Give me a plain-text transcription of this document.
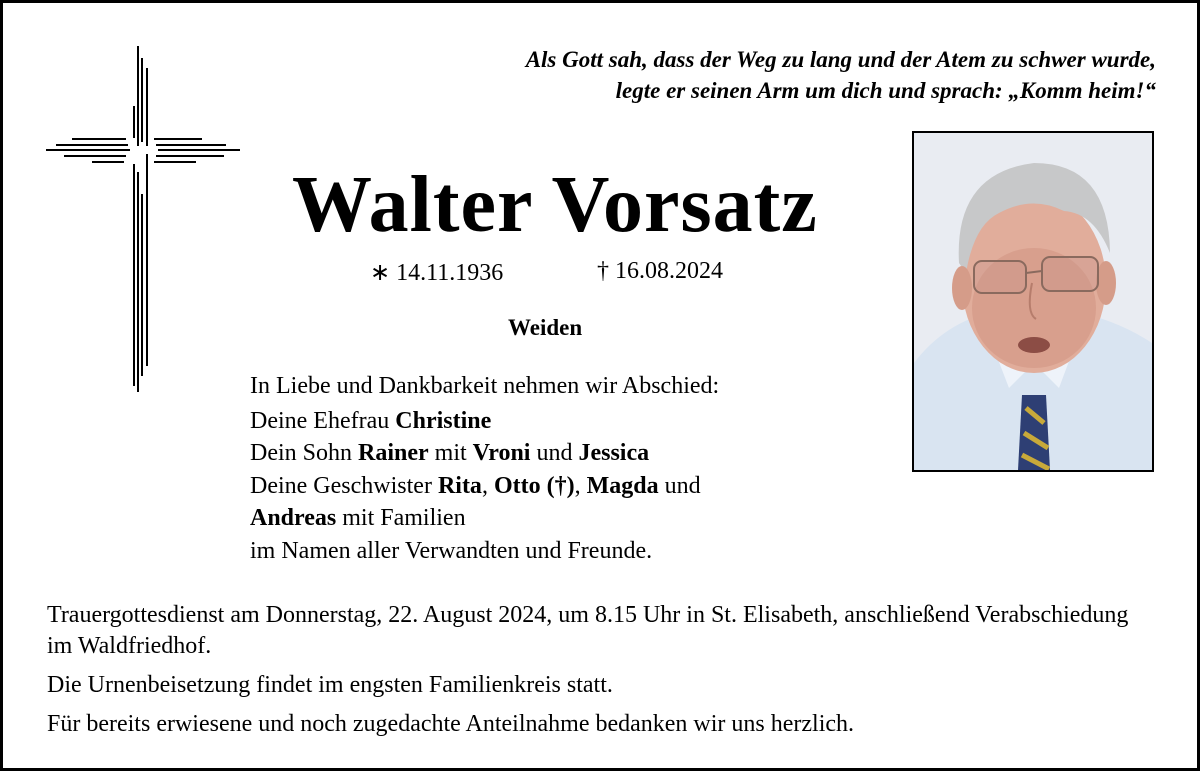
Als Gott sah, dass der Weg zu lang und der Atem zu schwer wurde,
legte er seinen Arm um dich und sprach: „Komm heim!“
Walter Vorsatz
∗ 14.11.1936	† 16.08.2024
Weiden
In Liebe und Dankbarkeit nehmen wir Abschied:
Deine Ehefrau Christine
Dein Sohn Rainer mit Vroni und Jessica
Deine Geschwister Rita, Otto (†), Magda und
Andreas mit Familien
im Namen aller Verwandten und Freunde.

Trauergottesdienst am Donnerstag, 22. August 2024, um 8.15 Uhr in St. Elisabeth, anschließend Verabschiedung im Waldfriedhof.

Die Urnenbeisetzung findet im engsten Familienkreis statt.

Für bereits erwiesene und noch zugedachte Anteilnahme bedanken wir uns herzlich.
